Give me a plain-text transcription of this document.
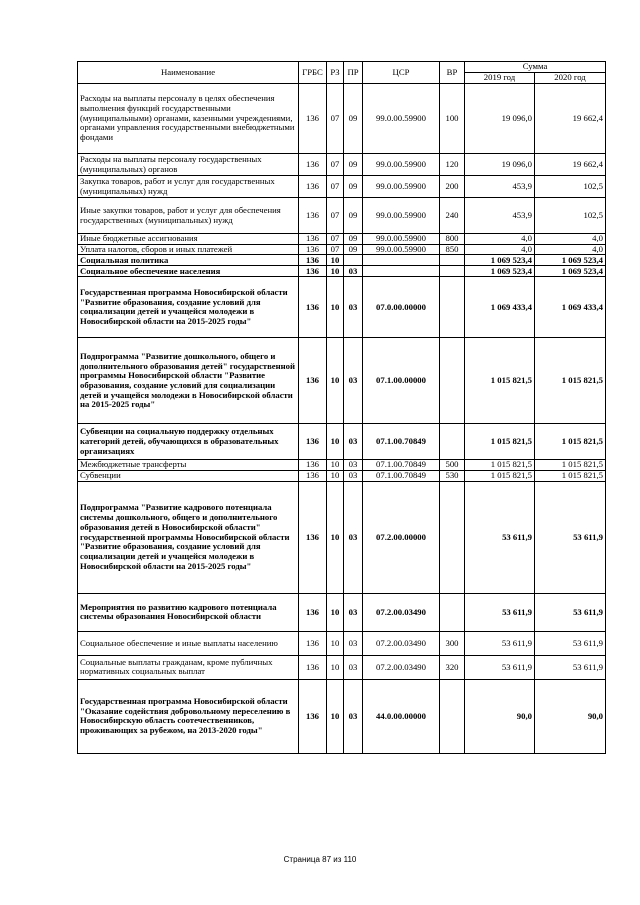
Наименование	ГРБС	РЗ	ПР	ЦСР	ВР	Сумма	
						2019 год	2020 год
Расходы на выплаты персоналу в целях обеспечения выполнения функций государственными (муниципальными) органами, казенными учреждениями, органами управления государственными внебюджетными фондами	136	07	09	99.0.00.59900	100	19 096,0	19 662,4
Расходы на выплаты персоналу государственных (муниципальных) органов	136	07	09	99.0.00.59900	120	19 096,0	19 662,4
Закупка товаров, работ и услуг для государственных (муниципальных) нужд	136	07	09	99.0.00.59900	200	453,9	102,5
Иные закупки товаров, работ и услуг для обеспечения государственных (муниципальных) нужд	136	07	09	99.0.00.59900	240	453,9	102,5
Иные бюджетные ассигнования	136	07	09	99.0.00.59900	800	4,0	4,0
Уплата налогов, сборов и иных платежей	136	07	09	99.0.00.59900	850	4,0	4,0
Социальная политика	136	10				1 069 523,4	1 069 523,4
Социальное обеспечение населения	136	10	03			1 069 523,4	1 069 523,4
Государственная программа Новосибирской области "Развитие образования, создание условий для социализации детей и учащейся молодежи в Новосибирской области на 2015-2025 годы"	136	10	03	07.0.00.00000		1 069 433,4	1 069 433,4
Подпрограмма "Развитие дошкольного, общего и дополнительного образования детей" государственной программы Новосибирской области "Развитие образования, создание условий для социализации детей и учащейся молодежи в Новосибирской области на 2015-2025 годы"	136	10	03	07.1.00.00000		1 015 821,5	1 015 821,5
Субвенции на социальную поддержку отдельных категорий детей, обучающихся в образовательных организациях	136	10	03	07.1.00.70849		1 015 821,5	1 015 821,5
Межбюджетные трансферты	136	10	03	07.1.00.70849	500	1 015 821,5	1 015 821,5
Субвенции	136	10	03	07.1.00.70849	530	1 015 821,5	1 015 821,5
Подпрограмма "Развитие кадрового потенциала системы дошкольного, общего и дополнительного образования детей в Новосибирской области" государственной программы Новосибирской области "Развитие образования, создание условий для социализации детей и учащейся молодежи в Новосибирской области на 2015-2025 годы"	136	10	03	07.2.00.00000		53 611,9	53 611,9
Мероприятия по развитию кадрового потенциала системы образования Новосибирской области	136	10	03	07.2.00.03490		53 611,9	53 611,9
Социальное обеспечение и иные выплаты населению	136	10	03	07.2.00.03490	300	53 611,9	53 611,9
Социальные выплаты гражданам, кроме публичных нормативных социальных выплат	136	10	03	07.2.00.03490	320	53 611,9	53 611,9
Государственная программа Новосибирской области "Оказание содействия добровольному переселению в Новосибирскую область соотечественников, проживающих за рубежом, на 2013-2020 годы"	136	10	03	44.0.00.00000		90,0	90,0
Страница 87 из 110
